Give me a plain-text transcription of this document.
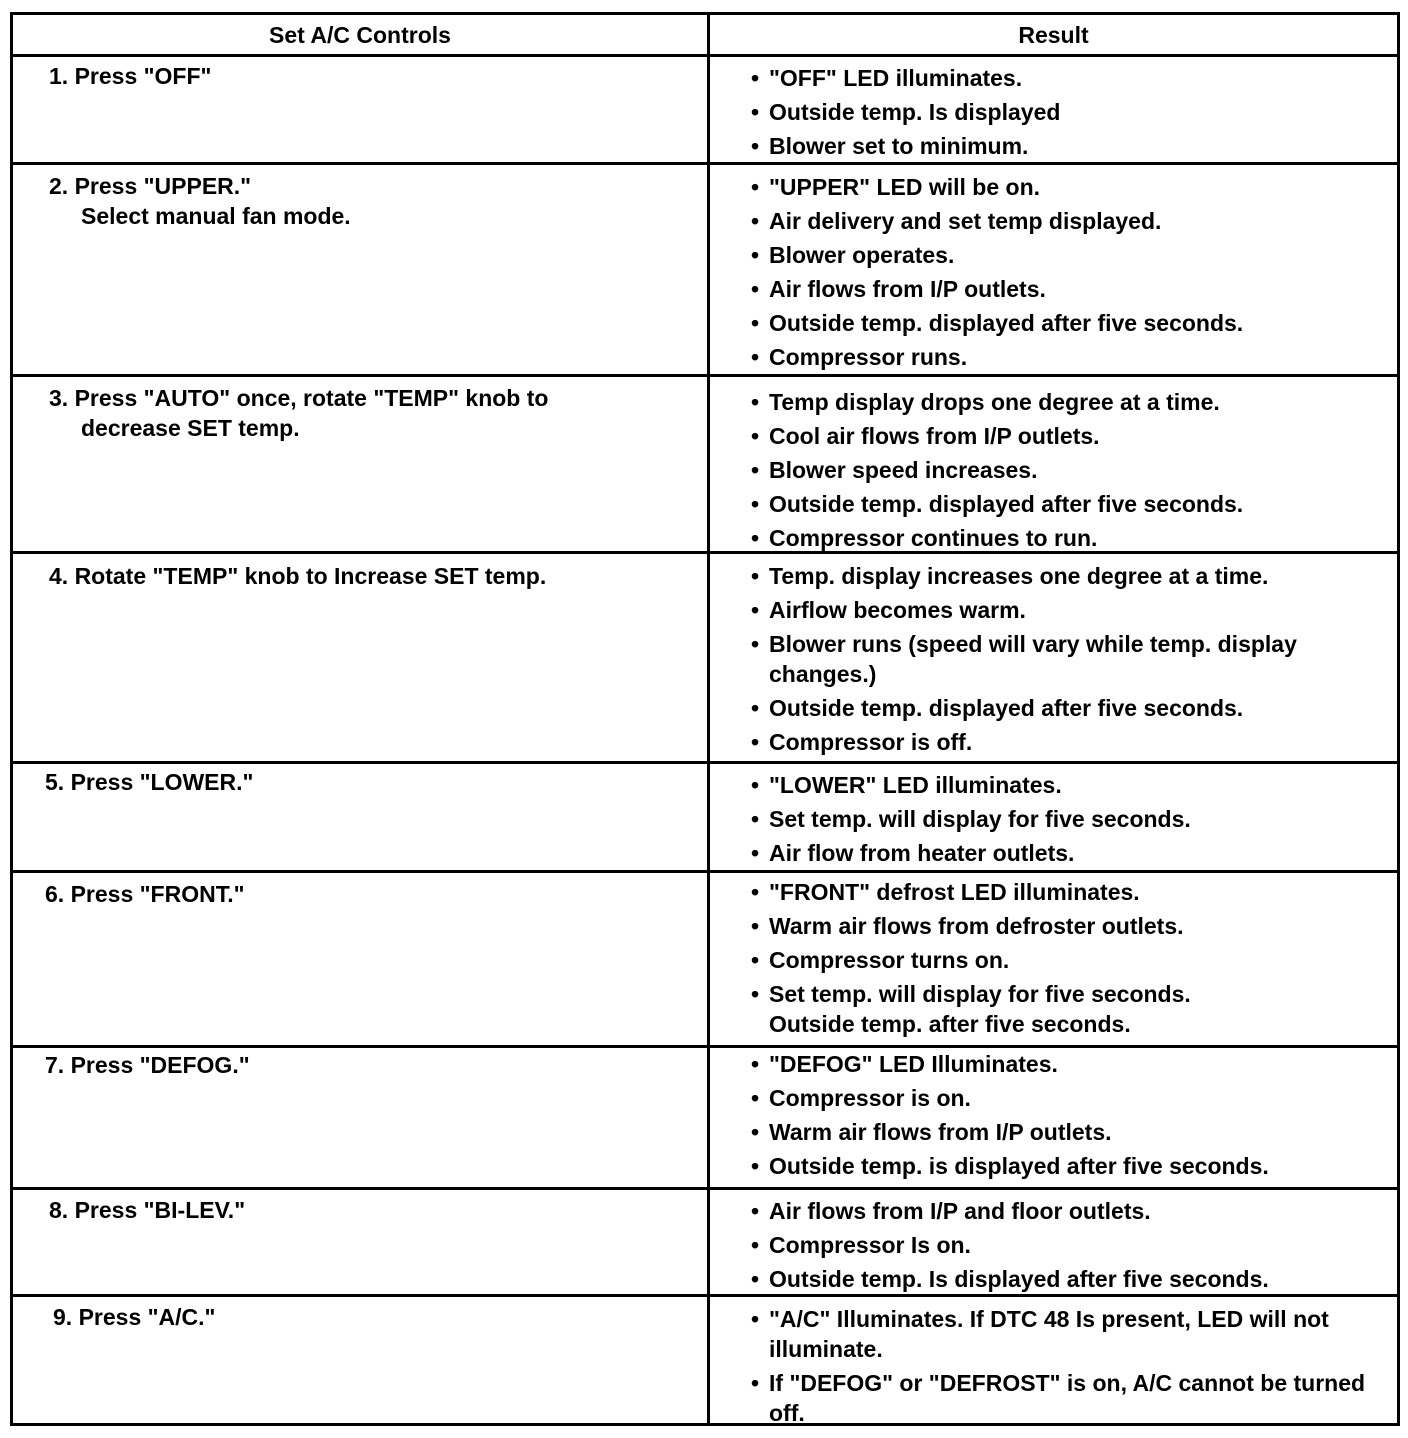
Set A/C Controls	Result
1. Press "OFF"	• "OFF" LED illuminates.
• Outside temp. Is displayed
• Blower set to minimum.
2. Press "UPPER."
Select manual fan mode.
• "UPPER" LED will be on.
• Air delivery and set temp displayed.
• Blower operates.
• Air flows from I/P outlets.
• Outside temp. displayed after five seconds.
• Compressor runs.
3. Press "AUTO" once, rotate "TEMP" knob to
decrease SET temp.
• Temp display drops one degree at a time.
• Cool air flows from I/P outlets.
• Blower speed increases.
• Outside temp. displayed after five seconds.
• Compressor continues to run.
4. Rotate "TEMP" knob to Increase SET temp.	• Temp. display increases one degree at a time.
• Airflow becomes warm.
• Blower runs (speed will vary while temp. display changes.)
• Outside temp. displayed after five seconds.
• Compressor is off.
5. Press "LOWER."	• "LOWER" LED illuminates.
• Set temp. will display for five seconds.
• Air flow from heater outlets.
6. Press "FRONT."	• "FRONT" defrost LED illuminates.
• Warm air flows from defroster outlets.
• Compressor turns on.
• Set temp. will display for five seconds. Outside temp. after five seconds.
7. Press "DEFOG."	• "DEFOG" LED Illuminates.
• Compressor is on.
• Warm air flows from I/P outlets.
• Outside temp. is displayed after five seconds.
8. Press "BI-LEV."	• Air flows from I/P and floor outlets.
• Compressor Is on.
• Outside temp. Is displayed after five seconds.
9. Press "A/C."	• "A/C" Illuminates. If DTC 48 Is present, LED will not illuminate.
• If "DEFOG" or "DEFROST" is on, A/C cannot be turned off.
